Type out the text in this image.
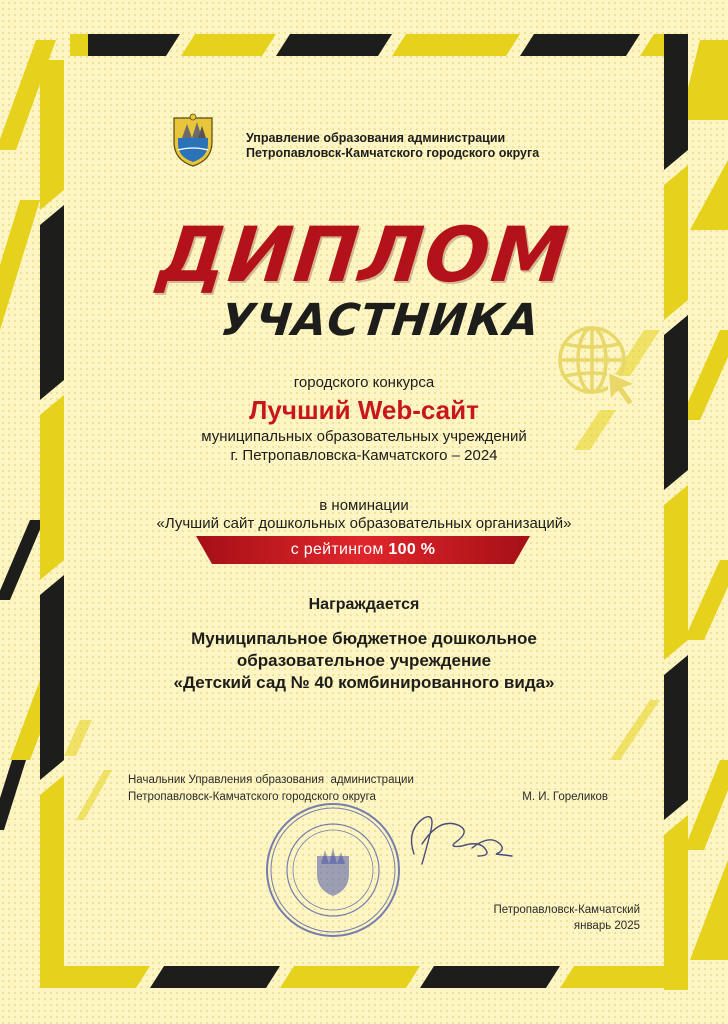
Управление образования администрации
Петропавловск-Камчатского городского округа
ДИПЛОМ
УЧАСТНИКА
городского конкурса
Лучший Web-сайт
муниципальных образовательных учреждений
г. Петропавловска-Камчатского – 2024
в номинации
«Лучший сайт дошкольных образовательных организаций»
с рейтингом 100 %
Награждается
Муниципальное бюджетное дошкольное
образовательное учреждение
«Детский сад № 40 комбинированного вида»
Начальник Управления образования  администрации
Петропавловск-Камчатского городского округа	М. И. Гореликов
Петропавловск-Камчатский
январь 2025
